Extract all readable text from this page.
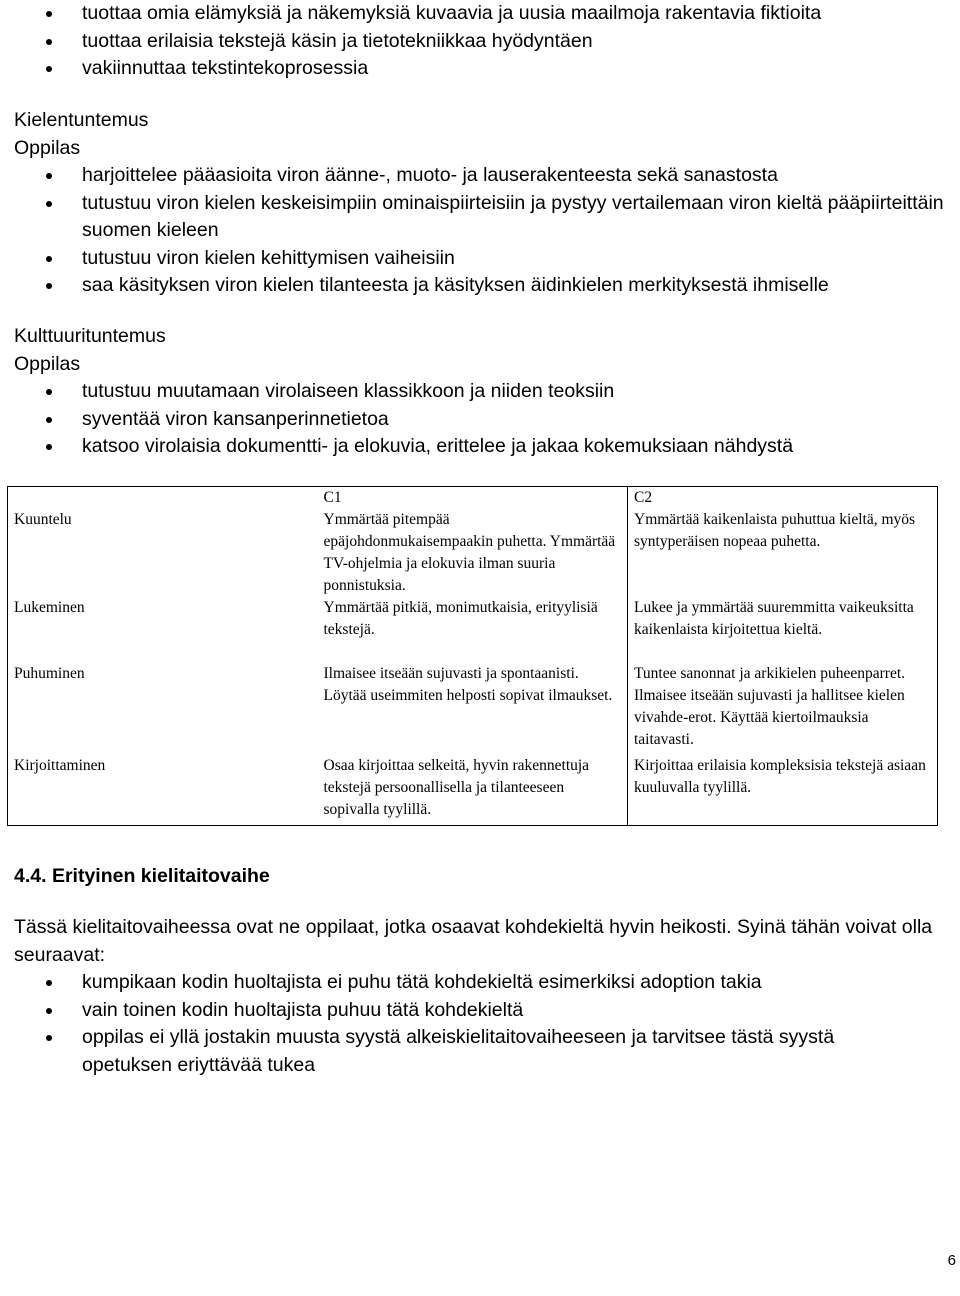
tuottaa omia elämyksiä ja näkemyksiä kuvaavia ja uusia maailmoja rakentavia fiktioita
tuottaa erilaisia tekstejä käsin ja tietotekniikkaa hyödyntäen
vakiinnuttaa tekstintekoprosessia
Kielentuntemus
Oppilas
harjoittelee pääasioita viron äänne-, muoto- ja lauserakenteesta sekä sanastosta
tutustuu viron kielen keskeisimpiin ominaispiirteisiin ja pystyy vertailemaan viron kieltä pääpiirteittäin suomen kieleen
tutustuu viron kielen kehittymisen vaiheisiin
saa käsityksen viron kielen tilanteesta ja käsityksen äidinkielen merkityksestä ihmiselle
Kulttuurituntemus
Oppilas
tutustuu muutamaan virolaiseen klassikkoon ja niiden teoksiin
syventää viron kansanperinnetietoa
katsoo virolaisia dokumentti- ja elokuvia, erittelee ja jakaa kokemuksiaan nähdystä
	C1	C2
Kuuntelu	Ymmärtää pitempää epäjohdonmukaisempaakin puhetta. Ymmärtää TV-ohjelmia ja elokuvia ilman suuria ponnistuksia.	Ymmärtää kaikenlaista puhuttua kieltä, myös syntyperäisen nopeaa puhetta.
Lukeminen	Ymmärtää pitkiä, monimutkaisia, erityylisiä tekstejä.	Lukee ja ymmärtää suuremmitta vaikeuksitta kaikenlaista kirjoitettua kieltä.
Puhuminen	Ilmaisee itseään sujuvasti ja spontaanisti. Löytää useimmiten helposti sopivat ilmaukset.	Tuntee sanonnat ja arkikielen puheenparret. Ilmaisee itseään sujuvasti ja hallitsee kielen vivahde-erot. Käyttää kiertoilmauksia taitavasti.
Kirjoittaminen	Osaa kirjoittaa selkeitä, hyvin rakennettuja tekstejä persoonallisella ja tilanteeseen sopivalla tyylillä.	Kirjoittaa erilaisia kompleksisia tekstejä asiaan kuuluvalla tyylillä.
4.4. Erityinen kielitaitovaihe
Tässä kielitaitovaiheessa ovat ne oppilaat, jotka osaavat kohdekieltä hyvin heikosti. Syinä tähän voivat olla seuraavat:
kumpikaan kodin huoltajista ei puhu tätä kohdekieltä esimerkiksi adoption takia
vain toinen kodin huoltajista puhuu tätä kohdekieltä
oppilas ei yllä jostakin muusta syystä alkeiskielitaitovaiheeseen ja tarvitsee tästä syystä opetuksen eriyttävää tukea
6
